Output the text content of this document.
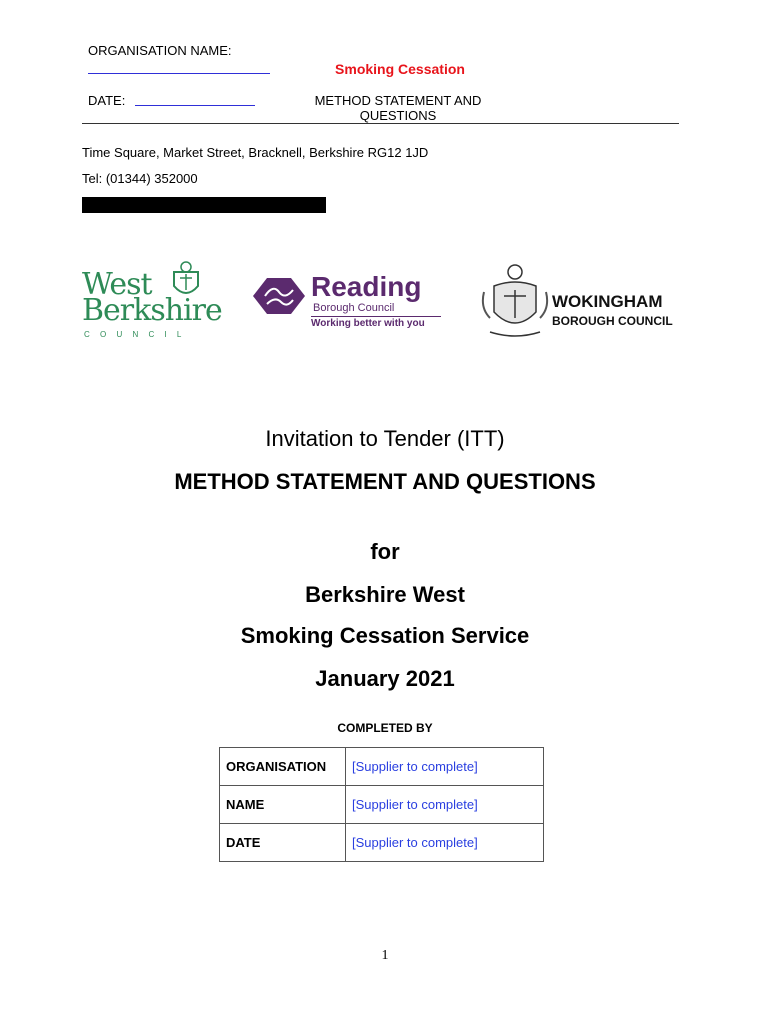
ORGANISATION NAME:
Smoking Cessation
DATE:	METHOD STATEMENT AND QUESTIONS
Time Square, Market Street, Bracknell, Berkshire RG12 1JD
Tel: (01344) 352000
West
Berkshire
C O U N C I L
Reading
Borough Council
Working better with you
WOKINGHAM
BOROUGH COUNCIL
Invitation to Tender (ITT)
METHOD STATEMENT AND QUESTIONS
for
Berkshire West
Smoking Cessation Service
January 2021
COMPLETED BY
ORGANISATION	[Supplier to complete]
NAME	[Supplier to complete]
DATE	[Supplier to complete]
1
